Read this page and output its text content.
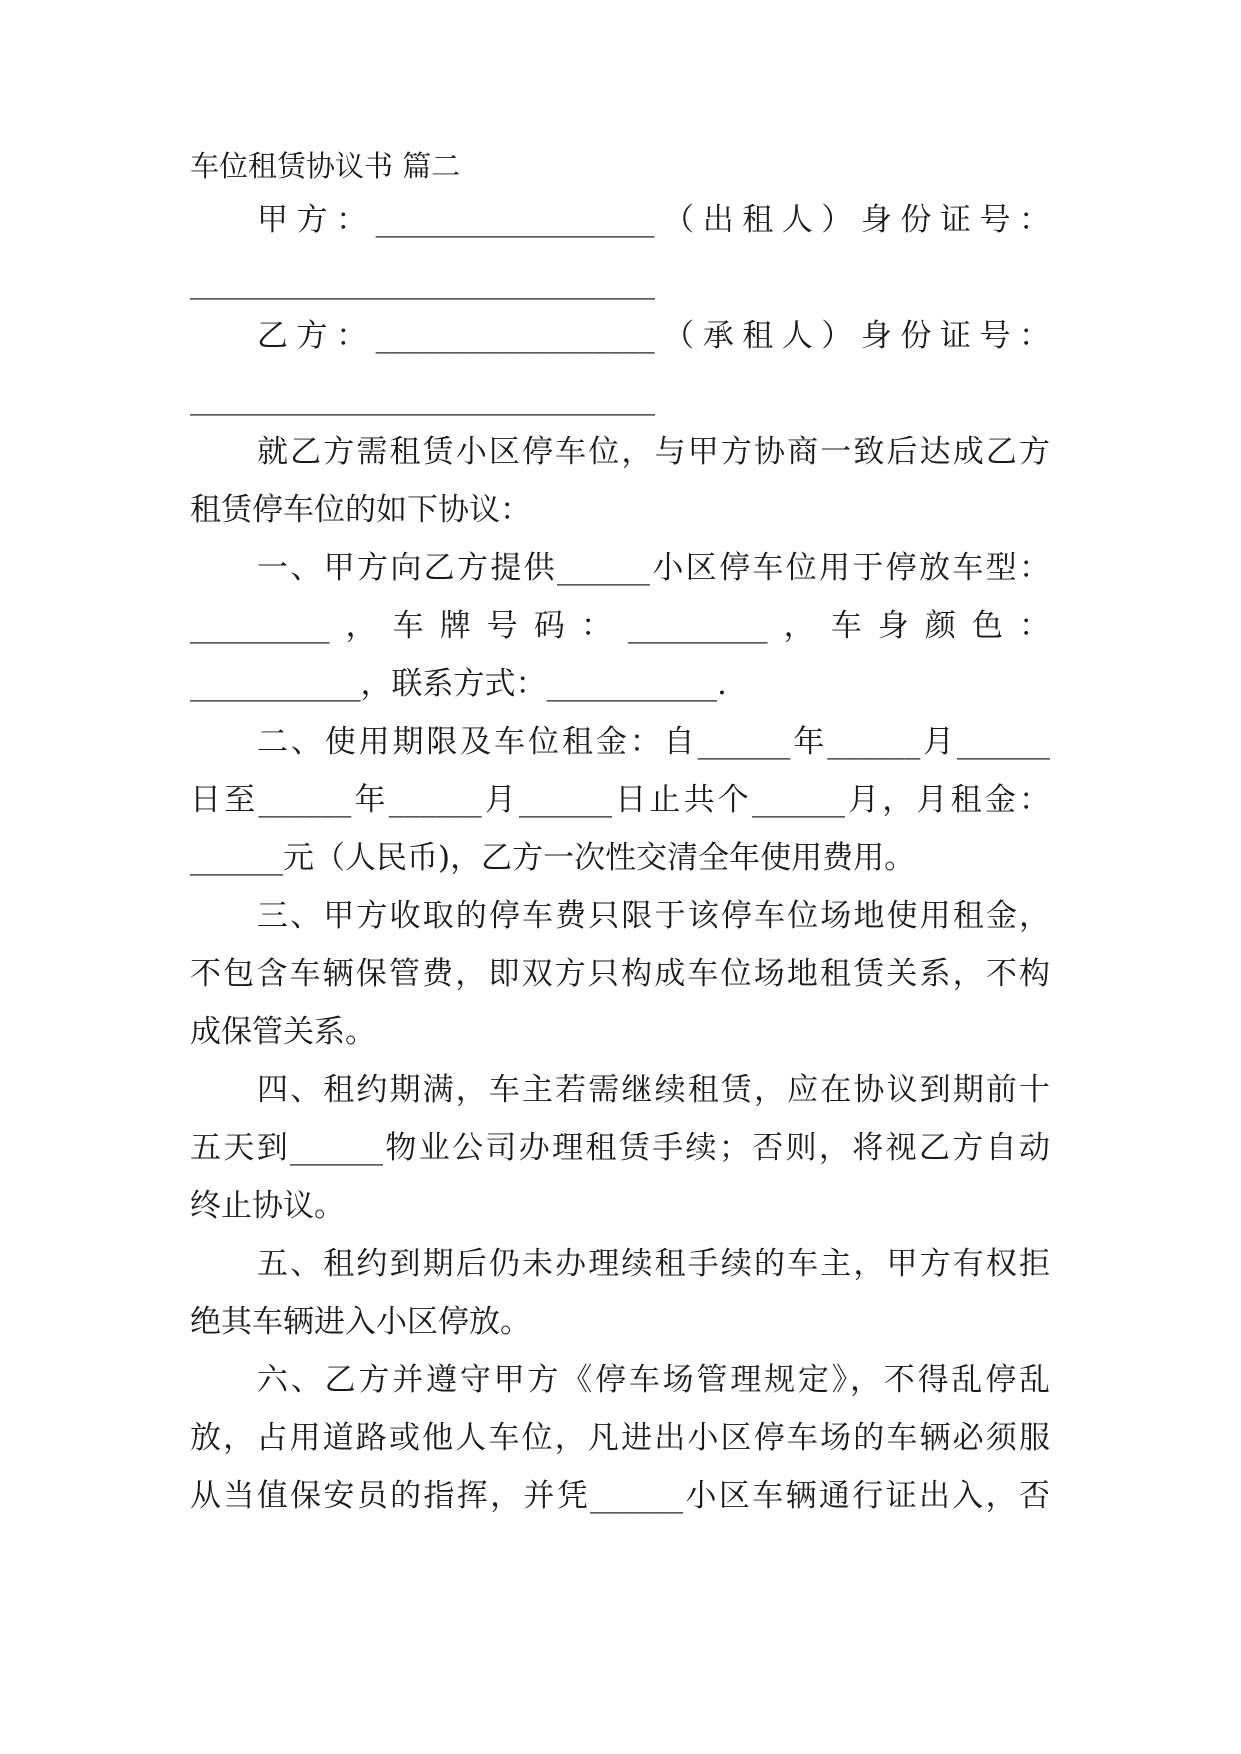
车位租赁协议书 篇二
甲方：__________________（出租人）身份证号：
______________________________
乙方：__________________（承租人）身份证号：
______________________________
就乙方需租赁小区停车位，与甲方协商一致后达成乙方
租赁停车位的如下协议：
一、甲方向乙方提供______小区停车位用于停放车型：
_________，车牌号码：_________，车身颜色：
___________，联系方式：___________.
二、使用期限及车位租金：自______年______月______
日至______年______月______日止共个______月，月租金：
______元（人民币)，乙方一次性交清全年使用费用。
三、甲方收取的停车费只限于该停车位场地使用租金，
不包含车辆保管费，即双方只构成车位场地租赁关系，不构
成保管关系。
四、租约期满，车主若需继续租赁，应在协议到期前十
五天到______物业公司办理租赁手续；否则，将视乙方自动
终止协议。
五、租约到期后仍未办理续租手续的车主，甲方有权拒
绝其车辆进入小区停放。
六、乙方并遵守甲方《停车场管理规定》，不得乱停乱
放，占用道路或他人车位，凡进出小区停车场的车辆必须服
从当值保安员的指挥，并凭______小区车辆通行证出入，否
